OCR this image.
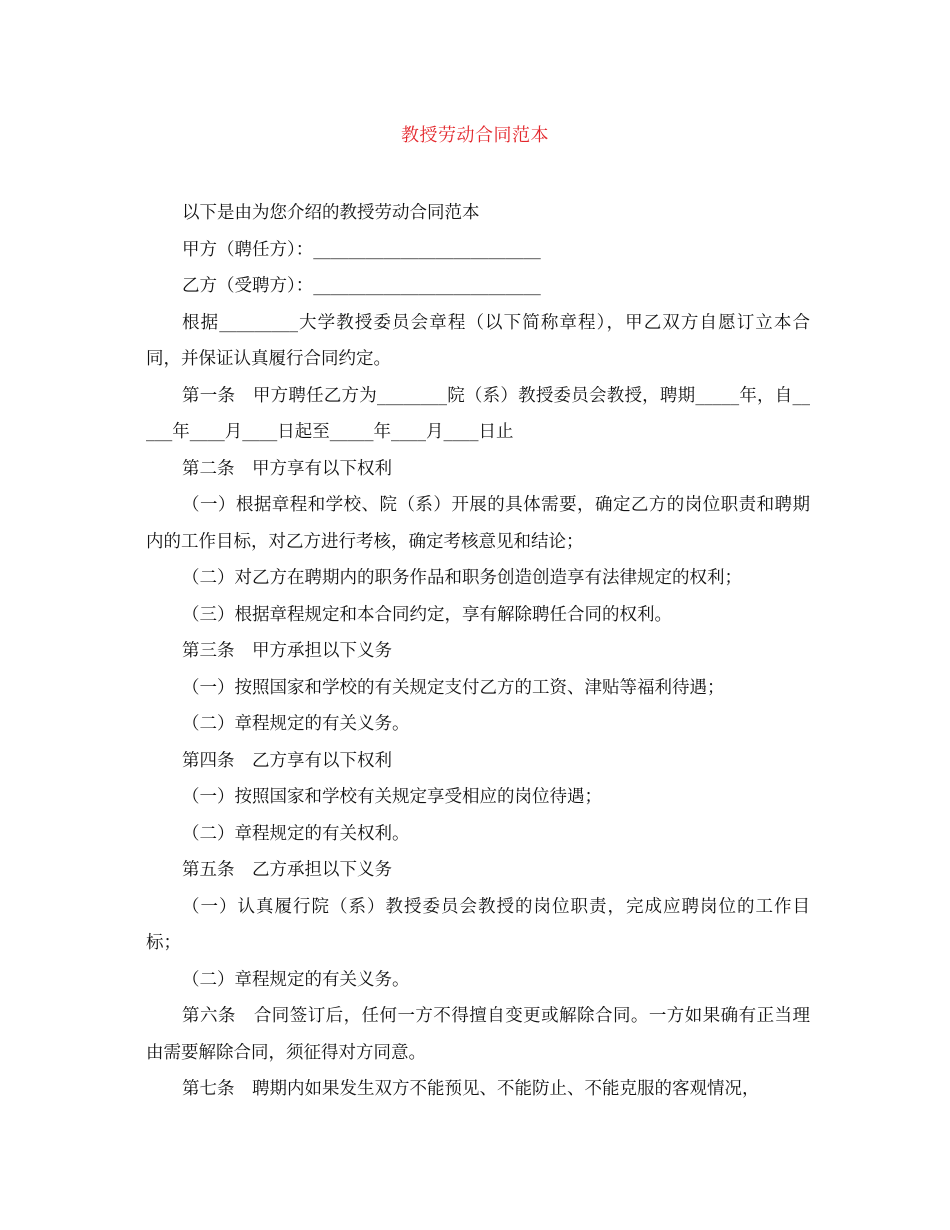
教授劳动合同范本

以下是由为您介绍的教授劳动合同范本

甲方（聘任方）：__________________________

乙方（受聘方）：__________________________

根据_________大学教授委员会章程（以下简称章程），甲乙双方自愿订立本合同，并保证认真履行合同约定。

第一条　甲方聘任乙方为________院（系）教授委员会教授，聘期_____年，自_____年____月____日起至_____年____月____日止

第二条　甲方享有以下权利

（一）根据章程和学校、院（系）开展的具体需要，确定乙方的岗位职责和聘期内的工作目标，对乙方进行考核，确定考核意见和结论；

（二）对乙方在聘期内的职务作品和职务创造创造享有法律规定的权利；

（三）根据章程规定和本合同约定，享有解除聘任合同的权利。

第三条　甲方承担以下义务

（一）按照国家和学校的有关规定支付乙方的工资、津贴等福利待遇；

（二）章程规定的有关义务。

第四条　乙方享有以下权利

（一）按照国家和学校有关规定享受相应的岗位待遇；

（二）章程规定的有关权利。

第五条　乙方承担以下义务

（一）认真履行院（系）教授委员会教授的岗位职责，完成应聘岗位的工作目标；

（二）章程规定的有关义务。

第六条　合同签订后，任何一方不得擅自变更或解除合同。一方如果确有正当理由需要解除合同，须征得对方同意。

第七条　聘期内如果发生双方不能预见、不能防止、不能克服的客观情况，
